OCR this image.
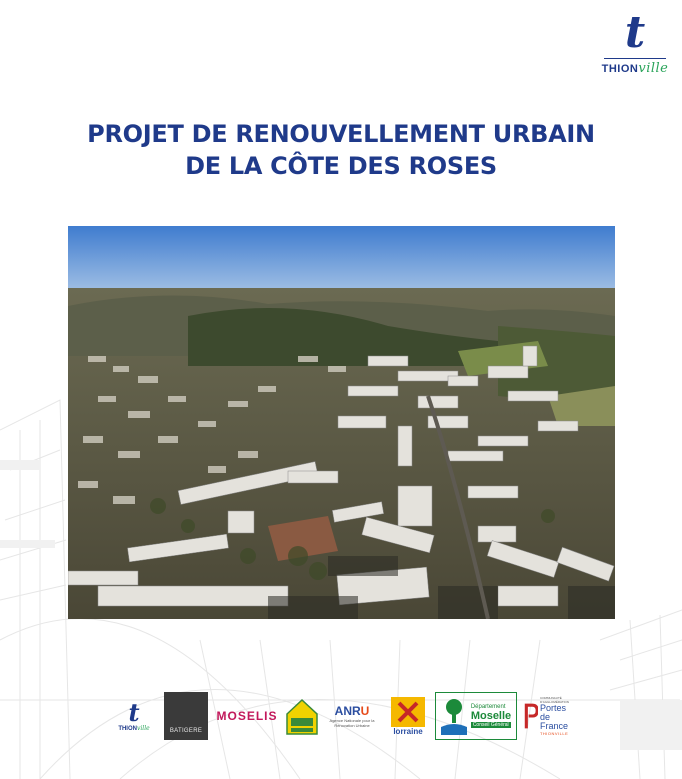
t
THIONville
PROJET DE RENOUVELLEMENT URBAIN
DE LA CÔTE DES ROSES
t
THIONville	BATIGERE
MOSELIS	ANRU
Agence Nationale pour la Rénovation Urbaine
lorraine
Département
Moselle
Conseil Général
COMMUNAUTÉ D'AGGLOMÉRATION
Portes
de France
THIONVILLE
